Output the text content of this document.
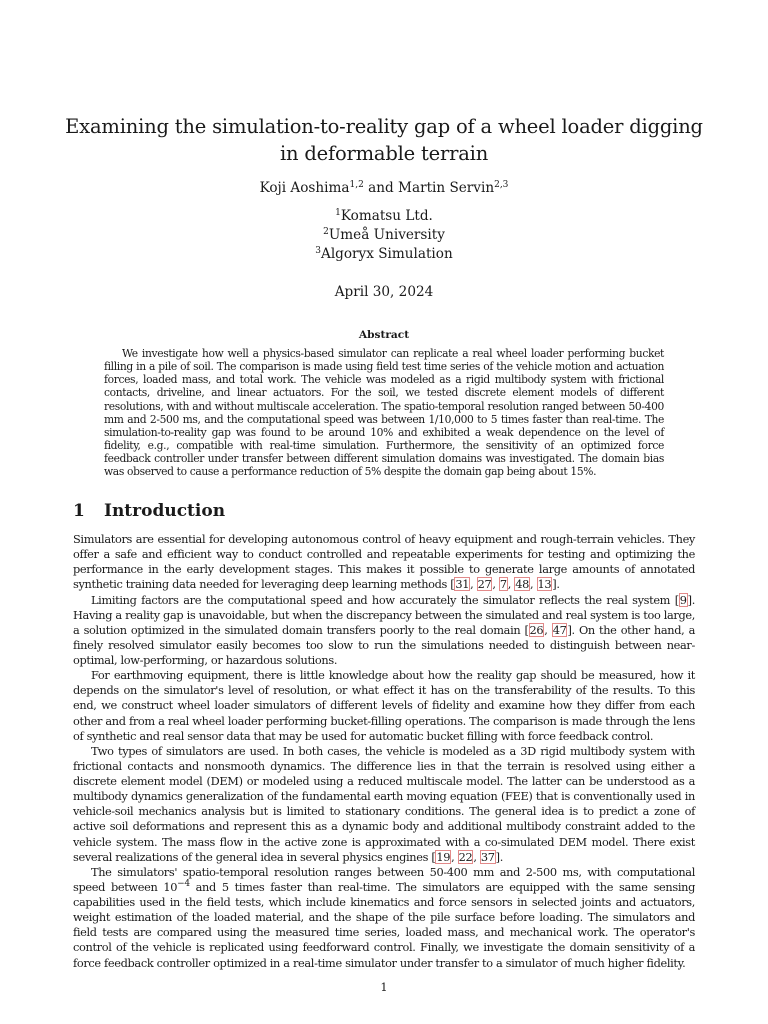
Examining the simulation-to-reality gap of a wheel loader digging in deformable terrain
Koji Aoshima$^{1,2}$ and Martin Servin$^{2,3}$
$^1$Komatsu Ltd.
$^2$Umeå University
$^3$Algoryx Simulation
April 30, 2024
Abstract
We investigate how well a physics-based simulator can replicate a real wheel loader performing bucket filling in a pile of soil. The comparison is made using field test time series of the vehicle motion and actuation forces, loaded mass, and total work. The vehicle was modeled as a rigid multibody system with frictional contacts, driveline, and linear actuators. For the soil, we tested discrete element models of different resolutions, with and without multiscale acceleration. The spatio-temporal resolution ranged between 50-400 mm and 2-500 ms, and the computational speed was between 1/10,000 to 5 times faster than real-time. The simulation-to-reality gap was found to be around 10% and exhibited a weak dependence on the level of fidelity, e.g., compatible with real-time simulation. Furthermore, the sensitivity of an optimized force feedback controller under transfer between different simulation domains was investigated. The domain bias was observed to cause a performance reduction of 5% despite the domain gap being about 15%.
1 Introduction

Simulators are essential for developing autonomous control of heavy equipment and rough-terrain vehicles. They offer a safe and efficient way to conduct controlled and repeatable experiments for testing and optimizing the performance in the early development stages. This makes it possible to generate large amounts of annotated synthetic training data needed for leveraging deep learning methods [31, 27, 7, 48, 13].

Limiting factors are the computational speed and how accurately the simulator reflects the real system [9]. Having a reality gap is unavoidable, but when the discrepancy between the simulated and real system is too large, a solution optimized in the simulated domain transfers poorly to the real domain [26, 47]. On the other hand, a finely resolved simulator easily becomes too slow to run the simulations needed to distinguish between near-optimal, low-performing, or hazardous solutions.

For earthmoving equipment, there is little knowledge about how the reality gap should be measured, how it depends on the simulator's level of resolution, or what effect it has on the transferability of the results. To this end, we construct wheel loader simulators of different levels of fidelity and examine how they differ from each other and from a real wheel loader performing bucket-filling operations. The comparison is made through the lens of synthetic and real sensor data that may be used for automatic bucket filling with force feedback control.

Two types of simulators are used. In both cases, the vehicle is modeled as a 3D rigid multibody system with frictional contacts and nonsmooth dynamics. The difference lies in that the terrain is resolved using either a discrete element model (DEM) or modeled using a reduced multiscale model. The latter can be understood as a multibody dynamics generalization of the fundamental earth moving equation (FEE) that is conventionally used in vehicle-soil mechanics analysis but is limited to stationary conditions. The general idea is to predict a zone of active soil deformations and represent this as a dynamic body and additional multibody constraint added to the vehicle system. The mass flow in the active zone is approximated with a co-simulated DEM model. There exist several realizations of the general idea in several physics engines [19, 22, 37].

The simulators' spatio-temporal resolution ranges between 50-400 mm and 2-500 ms, with computational speed between $10^{-4}$ and 5 times faster than real-time. The simulators are equipped with the same sensing capabilities used in the field tests, which include kinematics and force sensors in selected joints and actuators, weight estimation of the loaded material, and the shape of the pile surface before loading. The simulators and field tests are compared using the measured time series, loaded mass, and mechanical work. The operator's control of the vehicle is replicated using feedforward control. Finally, we investigate the domain sensitivity of a force feedback controller optimized in a real-time simulator under transfer to a simulator of much higher fidelity.

1
